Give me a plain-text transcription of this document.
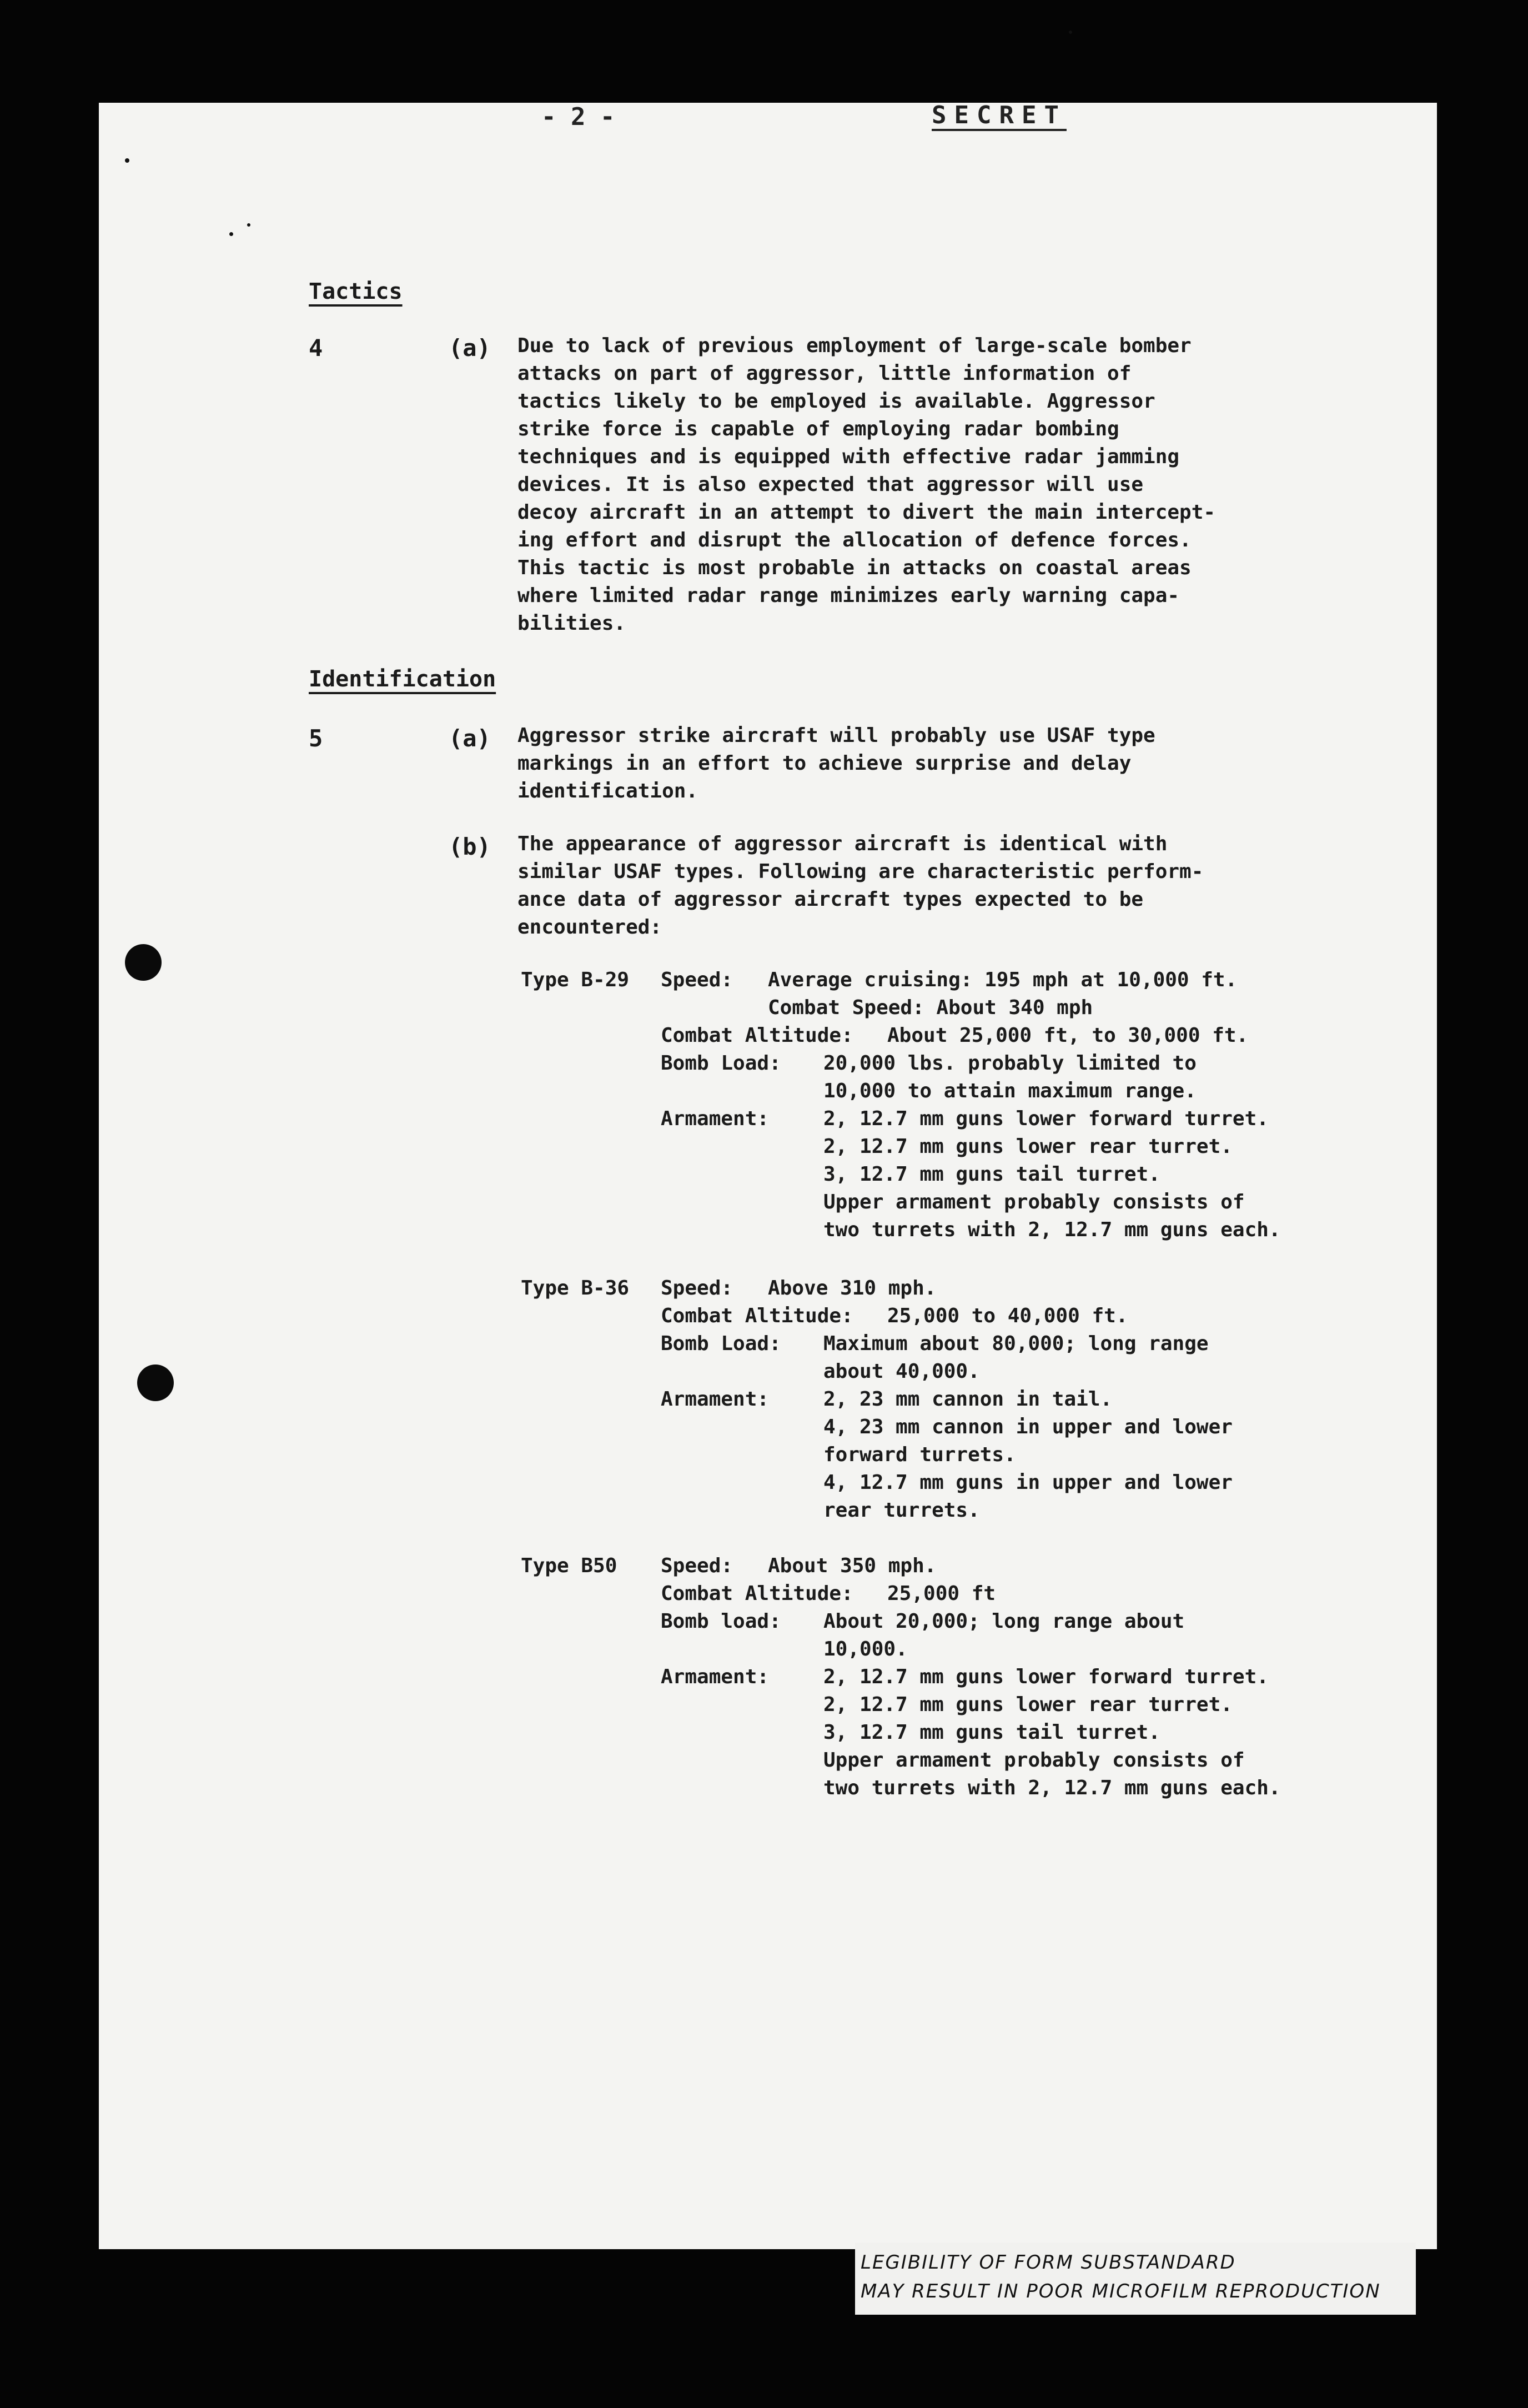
- 2 -	SECRET
Tactics
4	(a) Due to lack of previous employment of large-scale bomber
attacks on part of aggressor, little information of
tactics likely to be employed is available. Aggressor
strike force is capable of employing radar bombing
techniques and is equipped with effective radar jamming
devices. It is also expected that aggressor will use
decoy aircraft in an attempt to divert the main intercept-
ing effort and disrupt the allocation of defence forces.
This tactic is most probable in attacks on coastal areas
where limited radar range minimizes early warning capa-
bilities.
Identification
5	(a) Aggressor strike aircraft will probably use USAF type
markings in an effort to achieve surprise and delay
identification.
(b) The appearance of aggressor aircraft is identical with
similar USAF types. Following are characteristic perform-
ance data of aggressor aircraft types expected to be
encountered:
Type B-29 Speed: Average cruising: 195 mph at 10,000 ft.
Combat Speed: About 340 mph
Combat Altitude: About 25,000 ft, to 30,000 ft.
Bomb Load: 20,000 lbs. probably limited to
10,000 to attain maximum range.
Armament:	2, 12.7 mm guns lower forward turret.
2, 12.7 mm guns lower rear turret.
3, 12.7 mm guns tail turret.
Upper armament probably consists of
two turrets with 2, 12.7 mm guns each.
Type B-36 Speed: Above 310 mph.
Combat Altitude: 25,000 to 40,000 ft.
Bomb Load: Maximum about 80,000; long range
about 40,000.
Armament:	2, 23 mm cannon in tail.
4, 23 mm cannon in upper and lower
forward turrets.
4, 12.7 mm guns in upper and lower
rear turrets.
Type B50 Speed: About 350 mph.
Combat Altitude: 25,000 ft
Bomb load: About 20,000; long range about
10,000.
Armament:	2, 12.7 mm guns lower forward turret.
2, 12.7 mm guns lower rear turret.
3, 12.7 mm guns tail turret.
Upper armament probably consists of
two turrets with 2, 12.7 mm guns each.
LEGIBILITY OF FORM SUBSTANDARD
MAY RESULT IN POOR MICROFILM REPRODUCTION
